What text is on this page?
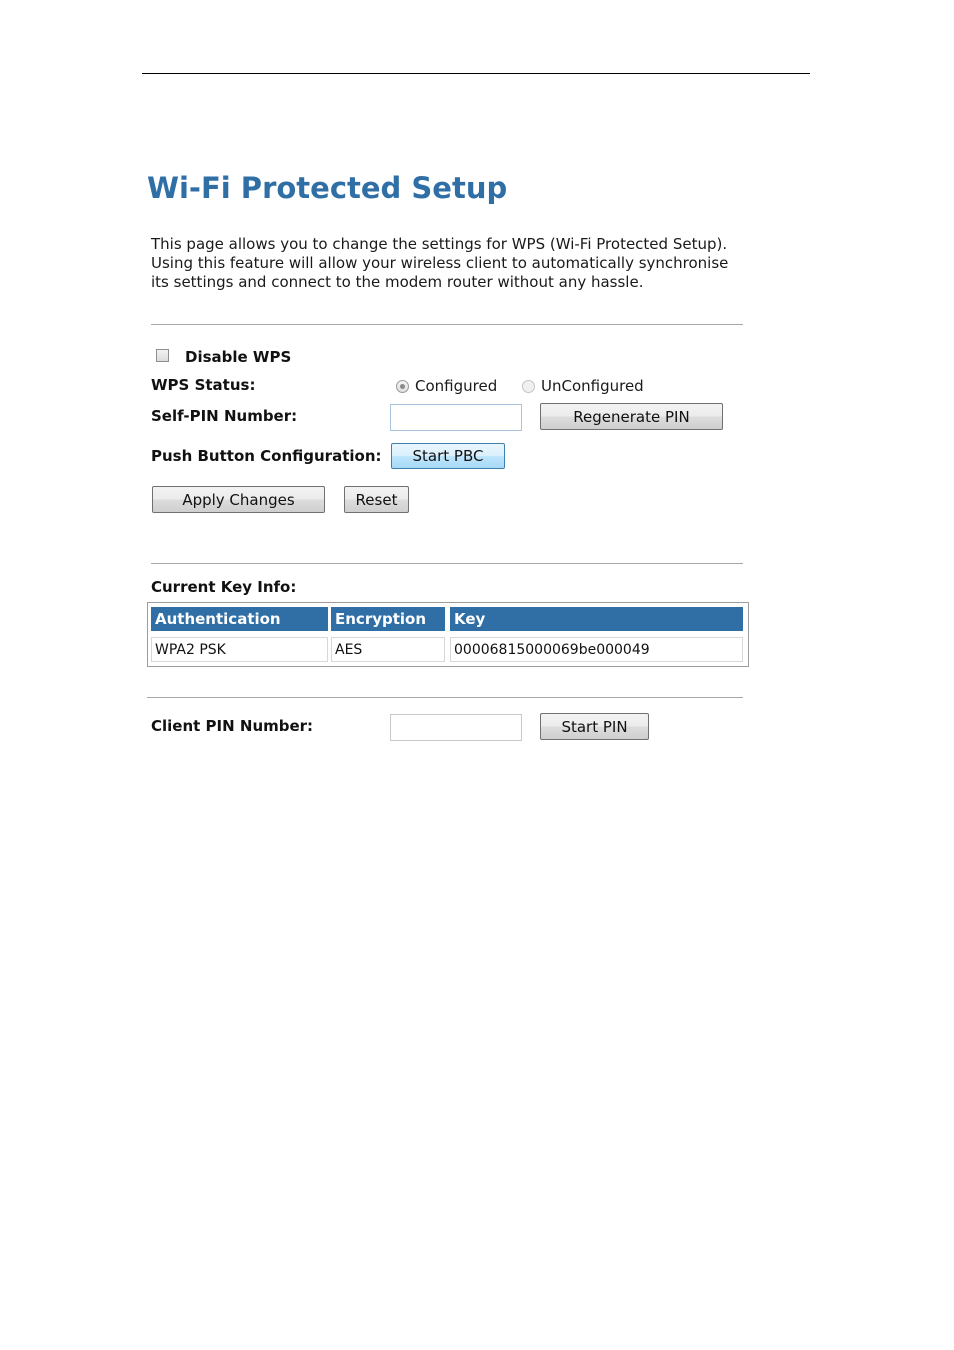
Wi-Fi Protected Setup

This page allows you to change the settings for WPS (Wi-Fi Protected Setup). Using this feature will allow your wireless client to automatically synchronise its settings and connect to the modem router without any hassle.

Disable WPS
WPS Status:	Configured	UnConfigured
Self-PIN Number:	Regenerate PIN
Push Button Configuration:	Start PBC
Apply Changes	Reset
Current Key Info:
Authentication	Encryption	Key
WPA2 PSK	AES	00006815000069be000049
Client PIN Number:	Start PIN
